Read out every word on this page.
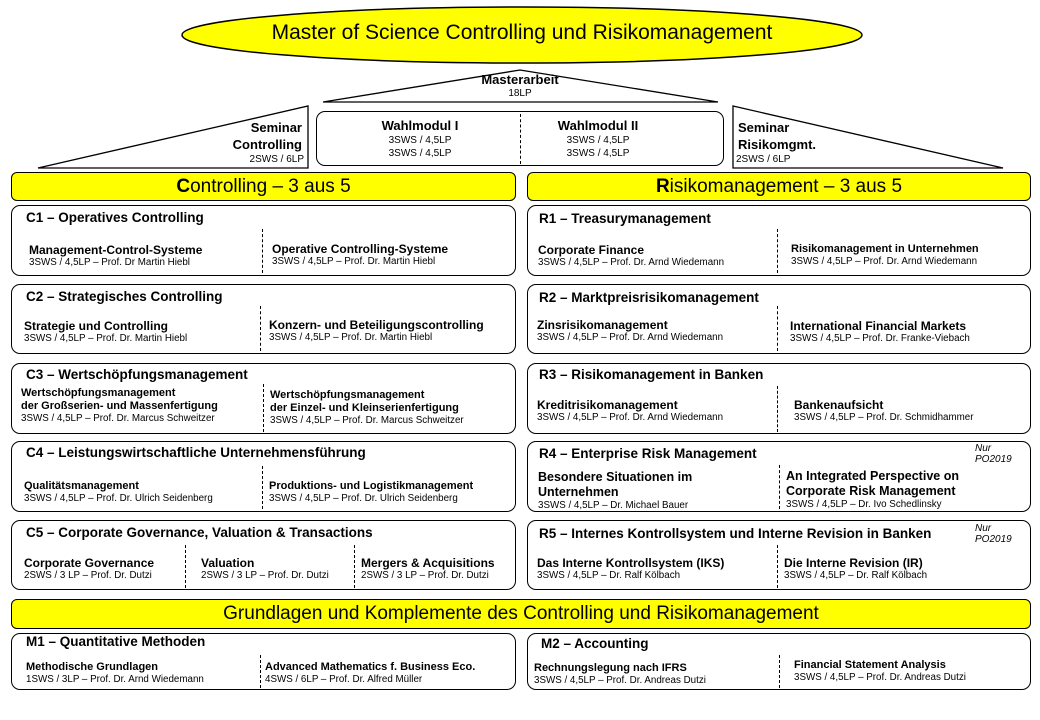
Master of Science Controlling und Risikomanagement
Masterarbeit
18LP
Seminar
Controlling
2SWS / 6LP
Seminar
Risikomgmt.
2SWS / 6LP
Wahlmodul I
3SWS / 4,5LP
3SWS / 4,5LP
Wahlmodul II
3SWS / 4,5LP
3SWS / 4,5LP
Controlling – 3 aus 5	Risikomanagement – 3 aus 5
C1 – Operatives Controlling
Management-Control-Systeme
3SWS / 4,5LP – Prof. Dr Martin Hiebl
Operative Controlling-Systeme
3SWS / 4,5LP – Prof. Dr. Martin Hiebl
C2 – Strategisches Controlling
Strategie und Controlling
3SWS / 4,5LP – Prof. Dr. Martin Hiebl
Konzern- und Beteiligungscontrolling
3SWS / 4,5LP – Prof. Dr. Martin Hiebl
C3 – Wertschöpfungsmanagement
Wertschöpfungsmanagement
der Großserien- und Massenfertigung
3SWS / 4,5LP – Prof. Dr. Marcus Schweitzer
Wertschöpfungsmanagement
der Einzel- und Kleinserienfertigung
3SWS / 4,5LP – Prof. Dr. Marcus Schweitzer
C4 – Leistungswirtschaftliche Unternehmensführung
Qualitätsmanagement
3SWS / 4,5LP – Prof. Dr. Ulrich Seidenberg
Produktions- und Logistikmanagement
3SWS / 4,5LP – Prof. Dr. Ulrich Seidenberg
C5 – Corporate Governance, Valuation & Transactions
Corporate Governance
2SWS / 3 LP – Prof. Dr. Dutzi
Valuation
2SWS / 3 LP – Prof. Dr. Dutzi
Mergers & Acquisitions
2SWS / 3 LP – Prof. Dr. Dutzi
R1 – Treasurymanagement
Corporate Finance
3SWS / 4,5LP – Prof. Dr. Arnd Wiedemann
Risikomanagement in Unternehmen
3SWS / 4,5LP – Prof. Dr. Arnd Wiedemann
R2 – Marktpreisrisikomanagement
Zinsrisikomanagement
3SWS / 4,5LP – Prof. Dr. Arnd Wiedemann
International Financial Markets
3SWS / 4,5LP – Prof. Dr. Franke-Viebach
R3 – Risikomanagement in Banken
Kreditrisikomanagement
3SWS / 4,5LP – Prof. Dr. Arnd Wiedemann
Bankenaufsicht
3SWS / 4,5LP – Prof. Dr. Schmidhammer
R4 – Enterprise Risk Management	Nur
PO2019
Besondere Situationen im
Unternehmen
3SWS / 4,5LP – Dr. Michael Bauer
An Integrated Perspective on
Corporate Risk Management
3SWS / 4,5LP – Dr. Ivo Schedlinsky
R5 – Internes Kontrollsystem und Interne Revision in Banken	Nur
PO2019
Das Interne Kontrollsystem (IKS)
3SWS / 4,5LP – Dr. Ralf Kölbach
Die Interne Revision (IR)
3SWS / 4,5LP – Dr. Ralf Kölbach
Grundlagen und Komplemente des Controlling und Risikomanagement
M1 – Quantitative Methoden
Methodische Grundlagen
1SWS / 3LP – Prof. Dr. Arnd Wiedemann
Advanced Mathematics f. Business Eco.
4SWS / 6LP – Prof. Dr. Alfred Müller
M2 – Accounting
Rechnungslegung nach IFRS
3SWS / 4,5LP – Prof. Dr. Andreas Dutzi
Financial Statement Analysis
3SWS / 4,5LP – Prof. Dr. Andreas Dutzi
